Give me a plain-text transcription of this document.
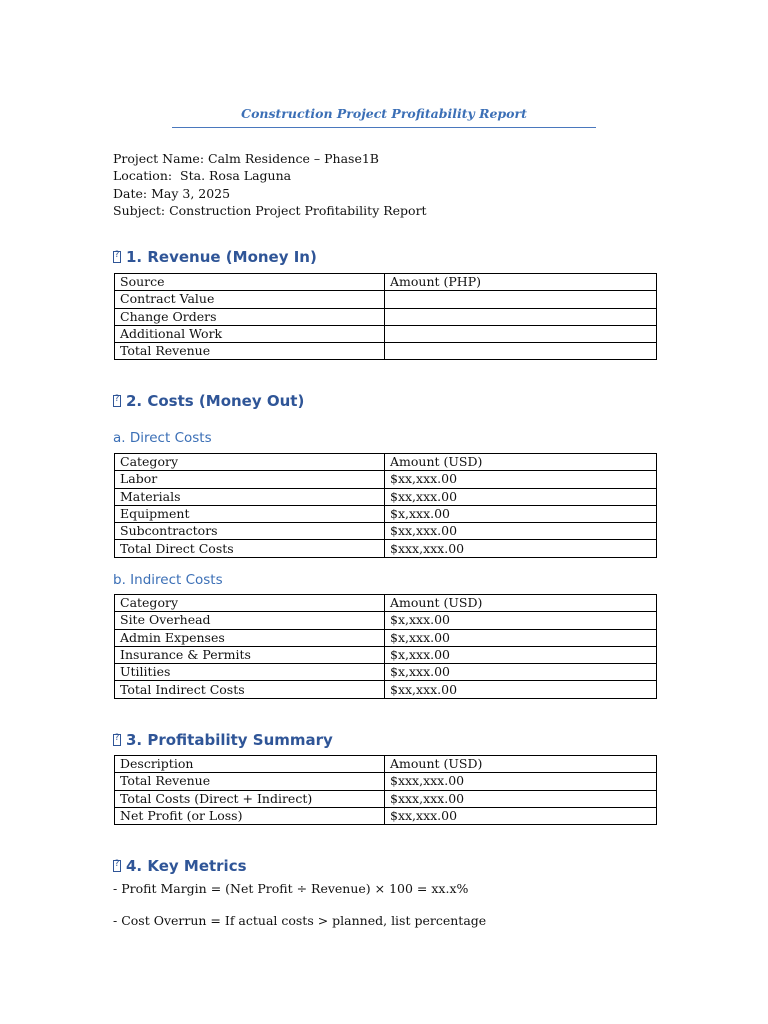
Construction Project Profitability Report
Project Name: Calm Residence – Phase1B
Location:  Sta. Rosa Laguna
Date: May 3, 2025
Subject: Construction Project Profitability Report
?
1. Revenue (Money In)
Source	Amount (PHP)
Contract Value	
Change Orders	
Additional Work	
Total Revenue	
?
2. Costs (Money Out)
a. Direct Costs
Category	Amount (USD)
Labor	$xx,xxx.00
Materials	$xx,xxx.00
Equipment	$x,xxx.00
Subcontractors	$xx,xxx.00
Total Direct Costs	$xxx,xxx.00
b. Indirect Costs
Category	Amount (USD)
Site Overhead	$x,xxx.00
Admin Expenses	$x,xxx.00
Insurance & Permits	$x,xxx.00
Utilities	$x,xxx.00
Total Indirect Costs	$xx,xxx.00
?
3. Profitability Summary
Description	Amount (USD)
Total Revenue	$xxx,xxx.00
Total Costs (Direct + Indirect)	$xxx,xxx.00
Net Profit (or Loss)	$xx,xxx.00
?
4. Key Metrics
- Profit Margin = (Net Profit ÷ Revenue) × 100 = xx.x%
- Cost Overrun = If actual costs > planned, list percentage
